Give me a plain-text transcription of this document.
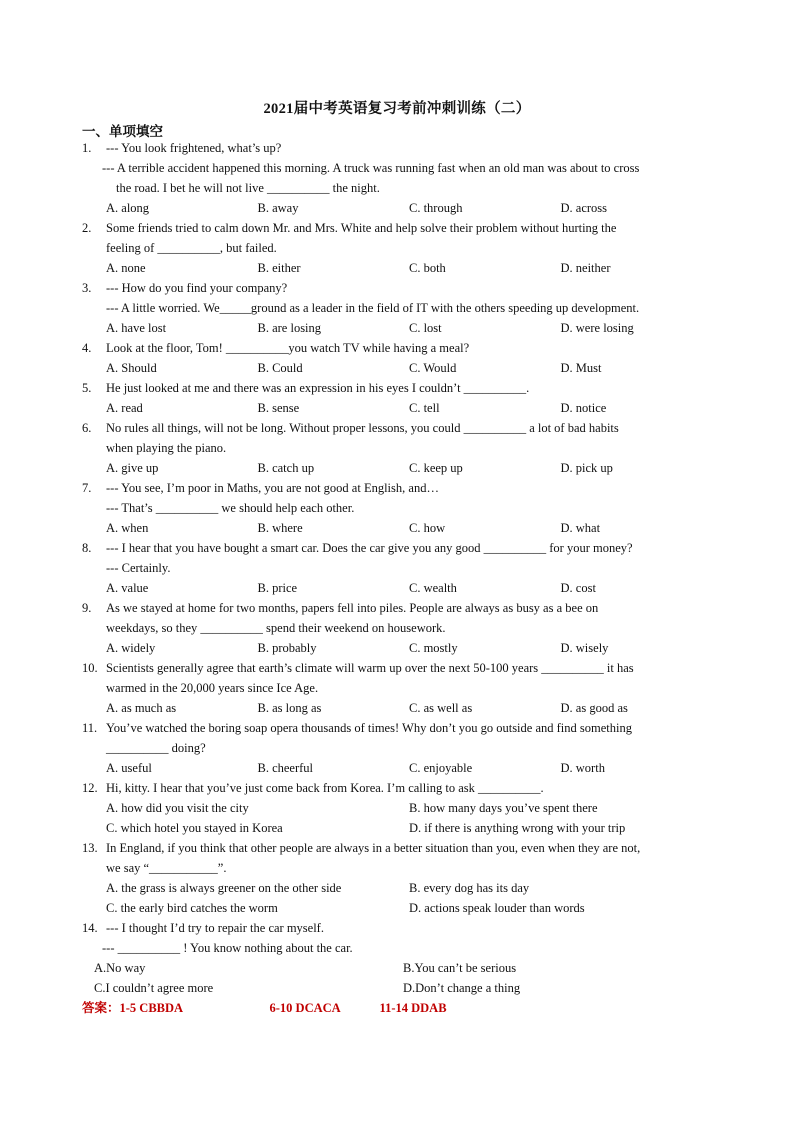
2021届中考英语复习考前冲刺训练（二）
一、单项填空
1. --- You look frightened, what’s up?
--- A terrible accident happened this morning. A truck was running fast when an old man was about to cross
the road. I bet he will not live __________ the night.
A. along	B. away	C. through	D. across
2. Some friends tried to calm down Mr. and Mrs. White and help solve their problem without hurting the
feeling of __________, but failed.
A. none	B. either	C. both	D. neither
3. --- How do you find your company?
--- A little worried. We_____ground as a leader in the field of IT with the others speeding up development.
A. have lost	B. are losing	C. lost	D. were losing
4. Look at the floor, Tom! __________you watch TV while having a meal?
A. Should	B. Could	C. Would	D. Must
5. He just looked at me and there was an expression in his eyes I couldn’t __________.
A. read	B. sense	C. tell	D. notice
6. No rules all things, will not be long. Without proper lessons, you could __________ a lot of bad habits
when playing the piano.
A. give up	B. catch up	C. keep up	D. pick up
7. --- You see, I’m poor in Maths, you are not good at English, and…
--- That’s __________ we should help each other.
A. when	B. where	C. how	D. what
8. --- I hear that you have bought a smart car. Does the car give you any good __________ for your money?
--- Certainly.
A. value	B. price	C. wealth	D. cost
9. As we stayed at home for two months, papers fell into piles. People are always as busy as a bee on
weekdays, so they __________ spend their weekend on housework.
A. widely	B. probably	C. mostly	D. wisely
10. Scientists generally agree that earth’s climate will warm up over the next 50-100 years __________ it has
warmed in the 20,000 years since Ice Age.
A. as much as	B. as long as	C. as well as	D. as good as
11. You’ve watched the boring soap opera thousands of times! Why don’t you go outside and find something
__________ doing?
A. useful	B. cheerful	C. enjoyable	D. worth
12. Hi, kitty. I hear that you’ve just come back from Korea. I’m calling to ask __________.
A. how did you visit the city	B. how many days you’ve spent there
C. which hotel you stayed in Korea	D. if there is anything wrong with your trip
13. In England, if you think that other people are always in a better situation than you, even when they are not,
we say “___________”.
A. the grass is always greener on the other side	B. every dog has its day
C. the early bird catches the worm	D. actions speak louder than words
14. --- I thought I’d try to repair the car myself.
--- __________ ! You know nothing about the car.
A.No way	B.You can’t be serious
C.I couldn’t agree more	D.Don’t change a thing
答案：1-5 CBBDA	6-10 DCACA	11-14 DDAB
